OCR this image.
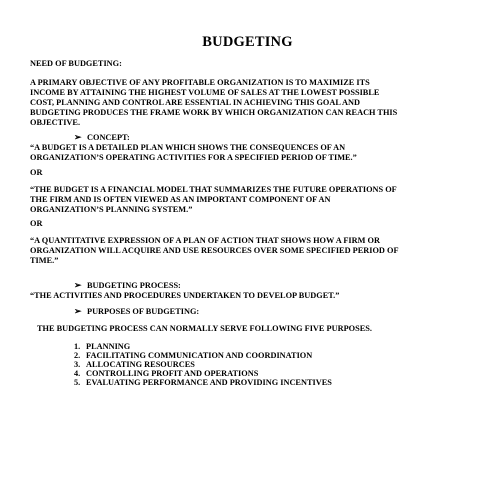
BUDGETING
NEED OF BUDGETING:
A PRIMARY OBJECTIVE OF ANY PROFITABLE ORGANIZATION IS TO MAXIMIZE ITS
INCOME BY ATTAINING THE HIGHEST VOLUME OF SALES AT THE LOWEST POSSIBLE
COST, PLANNING AND CONTROL ARE ESSENTIAL IN ACHIEVING THIS GOAL AND
BUDGETING PRODUCES THE FRAME WORK BY WHICH ORGANIZATION CAN REACH THIS
OBJECTIVE.
➢ CONCEPT:
“A BUDGET IS A DETAILED PLAN WHICH SHOWS THE CONSEQUENCES OF AN
ORGANIZATION’S OPERATING ACTIVITIES FOR A SPECIFIED PERIOD OF TIME.”
OR
“THE BUDGET IS A FINANCIAL MODEL THAT SUMMARIZES THE FUTURE OPERATIONS OF
THE FIRM AND IS OFTEN VIEWED AS AN IMPORTANT COMPONENT OF AN
ORGANIZATION’S PLANNING SYSTEM.”
OR
“A QUANTITATIVE EXPRESSION OF A PLAN OF ACTION THAT SHOWS HOW A FIRM OR
ORGANIZATION WILL ACQUIRE AND USE RESOURCES OVER SOME SPECIFIED PERIOD OF
TIME.”
➢ BUDGETING PROCESS:
“THE ACTIVITIES AND PROCEDURES UNDERTAKEN TO DEVELOP BUDGET.”
➢ PURPOSES OF BUDGETING:
THE BUDGETING PROCESS CAN NORMALLY SERVE FOLLOWING FIVE PURPOSES.
1. PLANNING
2. FACILITATING COMMUNICATION AND COORDINATION
3. ALLOCATING RESOURCES
4. CONTROLLING PROFIT AND OPERATIONS
5. EVALUATING PERFORMANCE AND PROVIDING INCENTIVES
